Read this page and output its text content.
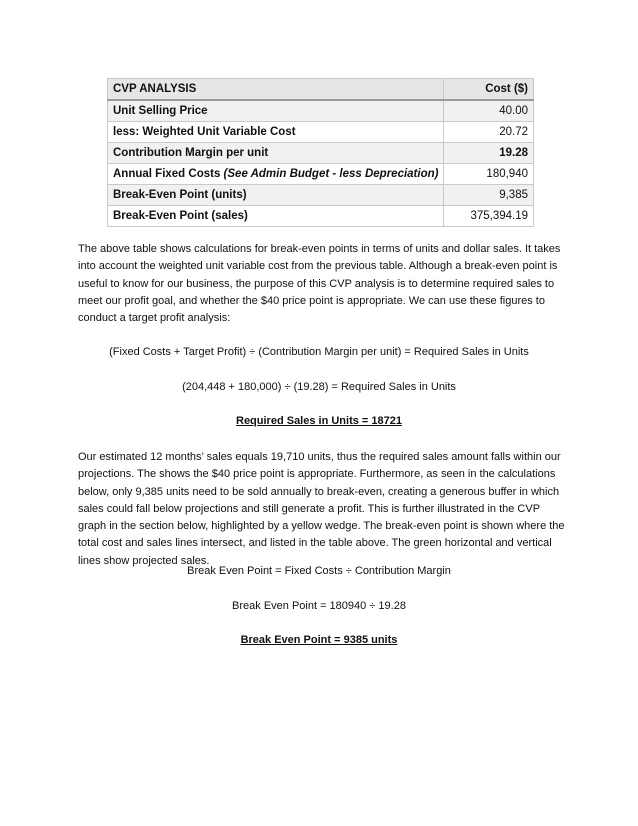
CVP ANALYSIS	Cost ($)
Unit Selling Price	40.00
less: Weighted Unit Variable Cost	20.72
Contribution Margin per unit	19.28
Annual Fixed Costs (See Admin Budget - less Depreciation)	180,940
Break-Even Point (units)	9,385
Break-Even Point (sales)	375,394.19

The above table shows calculations for break-even points in terms of units and dollar sales. It takes into account the weighted unit variable cost from the previous table. Although a break-even point is useful to know for our business, the purpose of this CVP analysis is to determine required sales to meet our profit goal, and whether the $40 price point is appropriate. We can use these figures to conduct a target profit analysis:

(Fixed Costs + Target Profit) ÷ (Contribution Margin per unit) = Required Sales in Units

(204,448 + 180,000) ÷ (19.28) = Required Sales in Units

Required Sales in Units = 18721

Our estimated 12 months’ sales equals 19,710 units, thus the required sales amount falls within our projections. The shows the $40 price point is appropriate. Furthermore, as seen in the calculations below, only 9,385 units need to be sold annually to break-even, creating a generous buffer in which sales could fall below projections and still generate a profit. This is further illustrated in the CVP graph in the section below, highlighted by a yellow wedge. The break-even point is shown where the total cost and sales lines intersect, and listed in the table above. The green horizontal and vertical lines show projected sales.

Break Even Point = Fixed Costs ÷ Contribution Margin

Break Even Point = 180940 ÷ 19.28

Break Even Point = 9385 units
